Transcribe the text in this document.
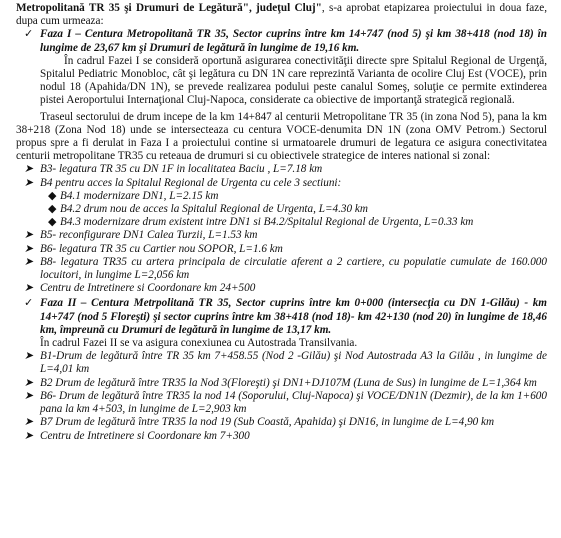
Metropolitană TR 35 şi Drumuri de Legătură", judeţul Cluj", s-a aprobat etapizarea proiectului in doua faze, dupa cum urmeaza:

✓ Faza I – Centura Metropolitană TR 35, Sector cuprins între km 14+747 (nod 5) şi km 38+418 (nod 18) în lungime de 23,67 km şi Drumuri de legătură în lungime de 19,16 km.

În cadrul Fazei I se consideră oportună asigurarea conectivităţii directe spre Spitalul Regional de Urgenţă, Spitalul Pediatric Monobloc, cât şi legătura cu DN 1N care reprezintă Varianta de ocolire Cluj Est (VOCE), prin nodul 18 (Apahida/DN 1N), se prevede realizarea podului peste canalul Someş, soluţie ce permite extinderea pistei Aeroportului Internaţional Cluj-Napoca, considerate ca obiective de importanţă strategică regională.

Traseul sectorului de drum incepe de la km 14+847 al centurii Metropolitane TR 35 (in zona Nod 5), pana la km 38+218 (Zona Nod 18) unde se intersecteaza cu centura VOCE-denumita DN 1N (zona OMV Petrom.) Sectorul propus spre a fi derulat in Faza I a proiectului contine si urmatoarele drumuri de legatura ce asigura conectivitatea centurii metropolitane TR35 cu reteaua de drumuri si cu obiectivele strategice de interes national si zonal:

➤ B3- legatura TR 35 cu DN 1F in localitatea Baciu , L=7.18 km

➤ B4 pentru acces la Spitalul Regional de Urgenta cu cele 3 sectiuni:

◆ B4.1 modernizare DN1, L=2.15 km

◆ B4.2 drum nou de acces la Spitalul Regional de Urgenta, L=4.30 km

◆ B4.3 modernizare drum existent intre DN1 si B4.2/Spitalul Regional de Urgenta, L=0.33 km

➤ B5- reconfigurare DN1 Calea Turzii, L=1.53 km

➤ B6- legatura TR 35 cu Cartier nou SOPOR, L=1.6 km

➤ B8- legatura TR35 cu artera principala de circulatie aferent a 2 cartiere, cu populatie cumulate de 160.000 locuitori, in lungime L=2,056 km

➤ Centru de Intretinere si Coordonare km 24+500

✓ Faza II – Centura Metrpolitană TR 35, Sector cuprins între km 0+000 (intersecţia cu DN 1-Gilău) - km 14+747 (nod 5 Floreşti) şi sector cuprins între km 38+418 (nod 18)- km 42+130 (nod 20) în lungime de 18,46 km, împreună cu Drumuri de legătură în lungime de 13,17 km.

În cadrul Fazei II se va asigura conexiunea cu Autostrada Transilvania.

➤ B1-Drum de legătură între TR 35 km 7+458.55 (Nod 2 -Gilău) şi Nod Autostrada A3 la Gilău , in lungime de L=4,01 km

➤ B2 Drum de legătură între TR35 la Nod 3(Floreşti) şi DN1+DJ107M (Luna de Sus) in lungime de L=1,364 km

➤ B6- Drum de legătură între TR35 la nod 14 (Soporului, Cluj-Napoca) şi VOCE/DN1N (Dezmir), de la km 1+600 pana la km 4+503, in lungime de L=2,903 km

➤ B7 Drum de legătură între TR35 la nod 19 (Sub Coastă, Apahida) şi DN16, in lungime de L=4,90 km

➤ Centru de Intretinere si Coordonare km 7+300
